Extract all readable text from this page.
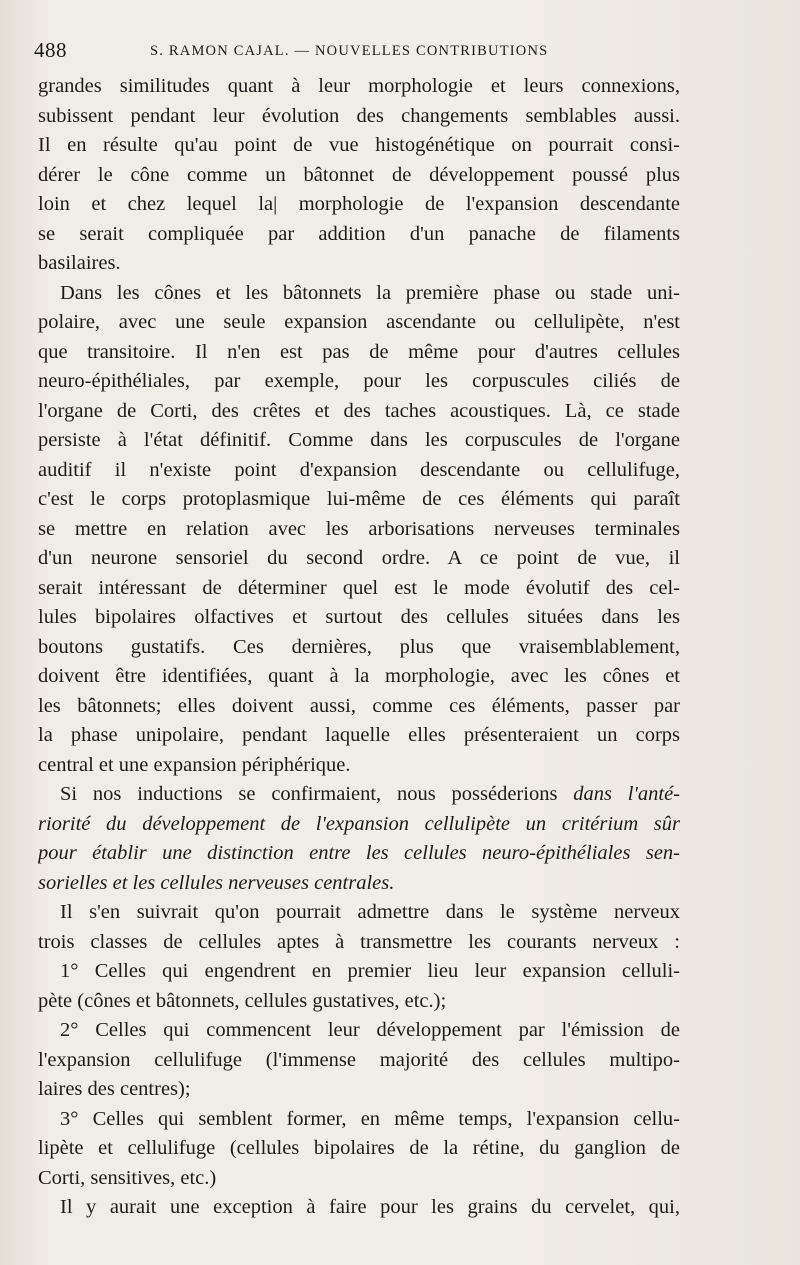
488	S. RAMON CAJAL. — NOUVELLES CONTRIBUTIONS
grandes similitudes quant à leur morphologie et leurs connexions,
subissent pendant leur évolution des changements semblables aussi.
Il en résulte qu'au point de vue histogénétique on pourrait consi-
dérer le cône comme un bâtonnet de développement poussé plus
loin et chez lequel la| morphologie de l'expansion descendante
se serait compliquée par addition d'un panache de filaments
basilaires.
Dans les cônes et les bâtonnets la première phase ou stade uni-
polaire, avec une seule expansion ascendante ou cellulipète, n'est
que transitoire. Il n'en est pas de même pour d'autres cellules
neuro-épithéliales, par exemple, pour les corpuscules ciliés de
l'organe de Corti, des crêtes et des taches acoustiques. Là, ce stade
persiste à l'état définitif. Comme dans les corpuscules de l'organe
auditif il n'existe point d'expansion descendante ou cellulifuge,
c'est le corps protoplasmique lui-même de ces éléments qui paraît
se mettre en relation avec les arborisations nerveuses terminales
d'un neurone sensoriel du second ordre. A ce point de vue, il
serait intéressant de déterminer quel est le mode évolutif des cel-
lules bipolaires olfactives et surtout des cellules situées dans les
boutons gustatifs. Ces dernières, plus que vraisemblablement,
doivent être identifiées, quant à la morphologie, avec les cônes et
les bâtonnets; elles doivent aussi, comme ces éléments, passer par
la phase unipolaire, pendant laquelle elles présenteraient un corps
central et une expansion périphérique.
Si nos inductions se confirmaient, nous posséderions dans l'anté-
riorité du développement de l'expansion cellulipète un critérium sûr
pour établir une distinction entre les cellules neuro-épithéliales sen-
sorielles et les cellules nerveuses centrales.
Il s'en suivrait qu'on pourrait admettre dans le système nerveux
trois classes de cellules aptes à transmettre les courants nerveux :
1° Celles qui engendrent en premier lieu leur expansion celluli-
pète (cônes et bâtonnets, cellules gustatives, etc.);
2° Celles qui commencent leur développement par l'émission de
l'expansion cellulifuge (l'immense majorité des cellules multipo-
laires des centres);
3° Celles qui semblent former, en même temps, l'expansion cellu-
lipète et cellulifuge (cellules bipolaires de la rétine, du ganglion de
Corti, sensitives, etc.)
Il y aurait une exception à faire pour les grains du cervelet, qui,
